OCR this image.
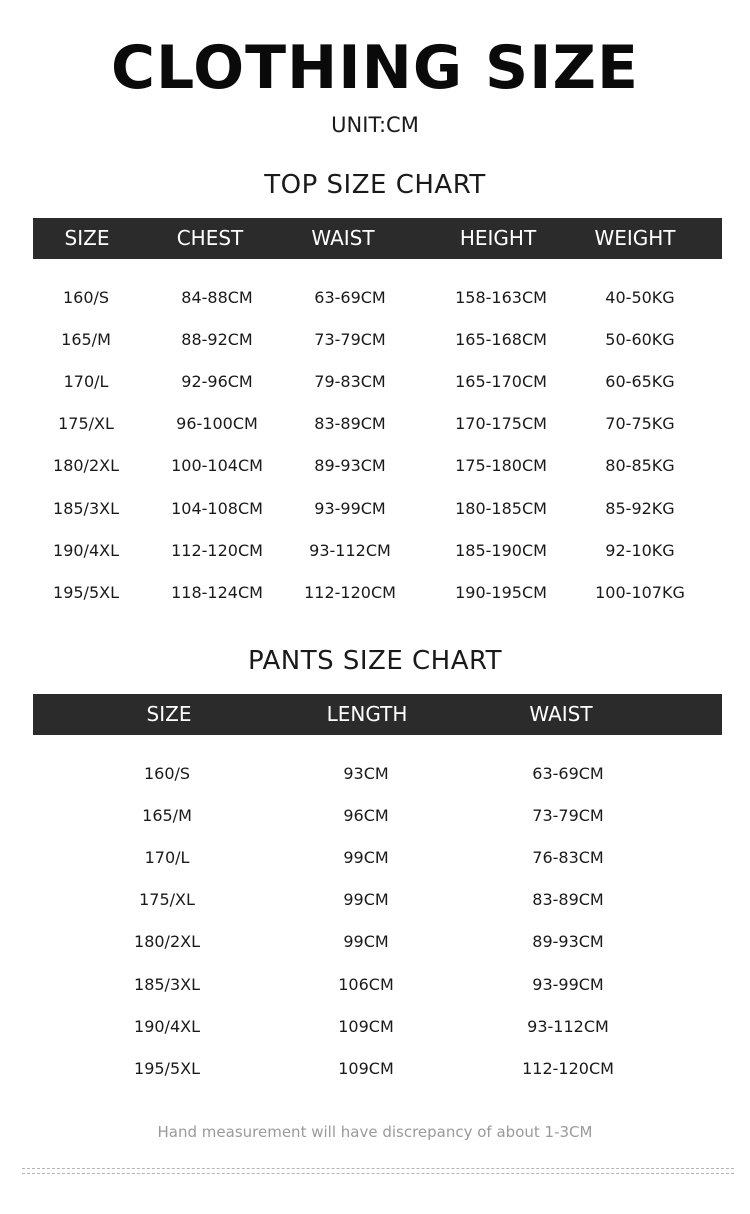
CLOTHING SIZE
UNIT:CM
TOP SIZE CHART
SIZE	CHEST	WAIST	HEIGHT	WEIGHT
160/S	84-88CM	63-69CM	158-163CM	40-50KG
165/M	88-92CM	73-79CM	165-168CM	50-60KG
170/L	92-96CM	79-83CM	165-170CM	60-65KG
175/XL	96-100CM	83-89CM	170-175CM	70-75KG
180/2XL	100-104CM	89-93CM	175-180CM	80-85KG
185/3XL	104-108CM	93-99CM	180-185CM	85-92KG
190/4XL	112-120CM	93-112CM	185-190CM	92-10KG
195/5XL	118-124CM	112-120CM	190-195CM	100-107KG
PANTS SIZE CHART
SIZE	LENGTH	WAIST
160/S	93CM	63-69CM
165/M	96CM	73-79CM
170/L	99CM	76-83CM
175/XL	99CM	83-89CM
180/2XL	99CM	89-93CM
185/3XL	106CM	93-99CM
190/4XL	109CM	93-112CM
195/5XL	109CM	112-120CM
Hand measurement will have discrepancy of about 1-3CM
